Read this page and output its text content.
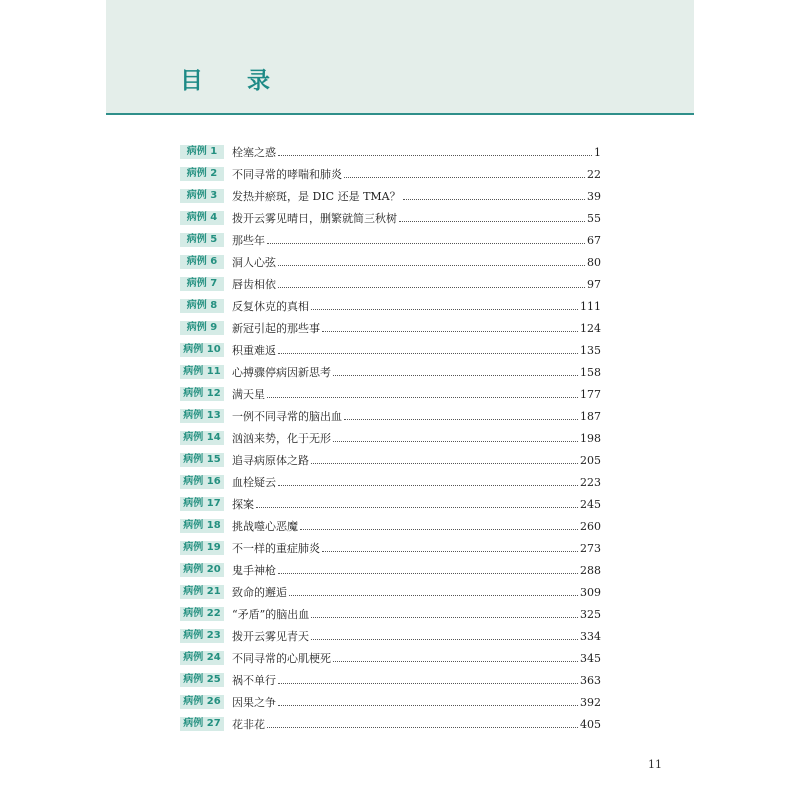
目 录
病例 1	栓塞之惑	1
病例 2	不同寻常的哮喘和肺炎	22
病例 3	发热并瘀斑，是 DIC 还是 TMA？	39
病例 4	拨开云雾见晴日，删繁就简三秋树	55
病例 5	那些年	67
病例 6	洞人心弦	80
病例 7	唇齿相依	97
病例 8	反复休克的真相	111
病例 9	新冠引起的那些事	124
病例 10 积重难返	135
病例 11 心搏骤停病因新思考	158
病例 12 满天星	177
病例 13 一例不同寻常的脑出血	187
病例 14 汹汹来势，化于无形	198
病例 15 追寻病原体之路	205
病例 16 血栓疑云	223
病例 17 探案	245
病例 18 挑战噬心恶魔	260
病例 19 不一样的重症肺炎	273
病例 20 鬼手神枪	288
病例 21 致命的邂逅	309
病例 22 “矛盾”的脑出血	325
病例 23 拨开云雾见青天	334
病例 24 不同寻常的心肌梗死	345
病例 25 祸不单行	363
病例 26 因果之争	392
病例 27 花非花	405
11
